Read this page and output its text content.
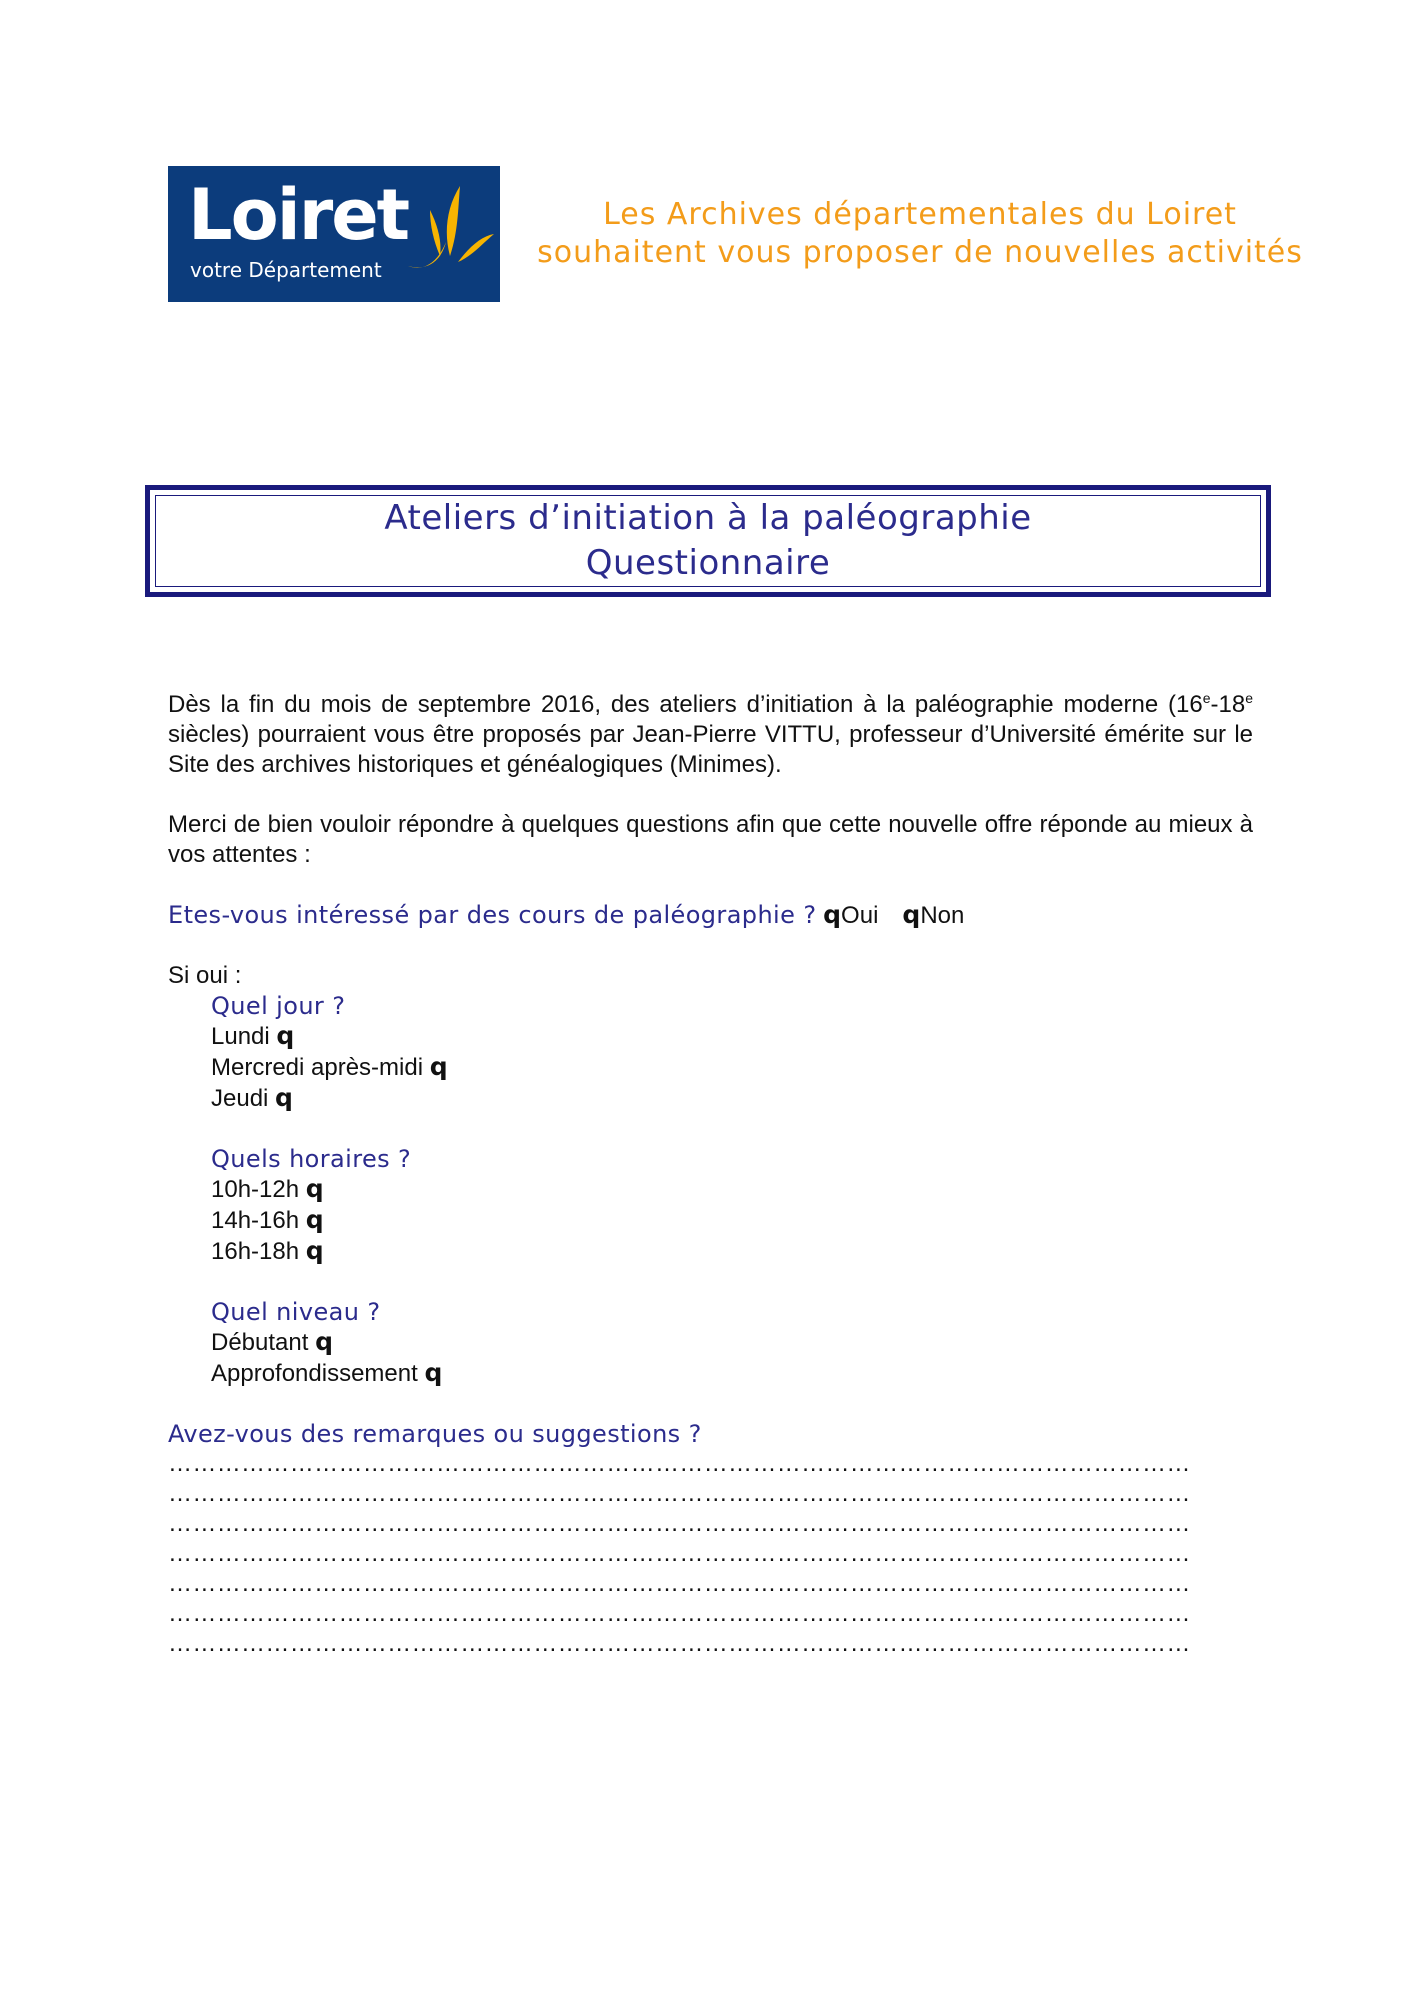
Loiret
votre Département
Les Archives départementales du Loiret
souhaitent vous proposer de nouvelles activités
Ateliers d’initiation à la paléographie
Questionnaire

Dès la fin du mois de septembre 2016, des ateliers d’initiation à la paléographie moderne (16e-18e siècles) pourraient vous être proposés par Jean-Pierre VITTU, professeur d’Université émérite sur le Site des archives historiques et généalogiques (Minimes).

Merci de bien vouloir répondre à quelques questions afin que cette nouvelle offre réponde au mieux à vos attentes :

Etes-vous intéressé par des cours de paléographie ? qOui qNon
Si oui :
Quel jour ?
Lundi q
Mercredi après-midi q
Jeudi q
Quels horaires ?
10h-12h q
14h-16h q
16h-18h q
Quel niveau ?
Débutant q
Approfondissement q
Avez-vous des remarques ou suggestions ?
………………………………………………………………………………………………………………
………………………………………………………………………………………………………………
………………………………………………………………………………………………………………
………………………………………………………………………………………………………………
………………………………………………………………………………………………………………
………………………………………………………………………………………………………………
………………………………………………………………………………………………………………
